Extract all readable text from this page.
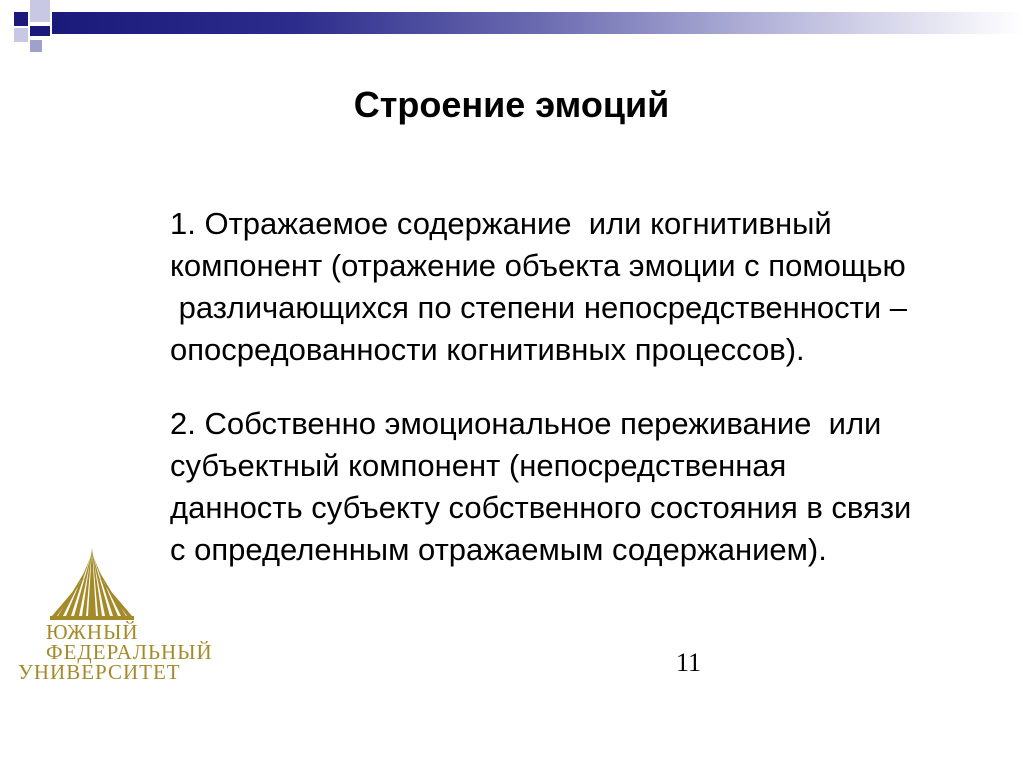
Строение эмоций
1. Отражаемое содержание  или когнитивный
компонент (отражение объекта эмоции с помощью
различающихся по степени непосредственности –
опосредованности когнитивных процессов).
2. Собственно эмоциональное переживание  или
субъектный компонент (непосредственная
данность субъекту собственного состояния в связи
с определенным отражаемым содержанием).
11
ЮЖНЫЙ
ФЕДЕРАЛЬНЫЙ
УНИВЕРСИТЕТ
